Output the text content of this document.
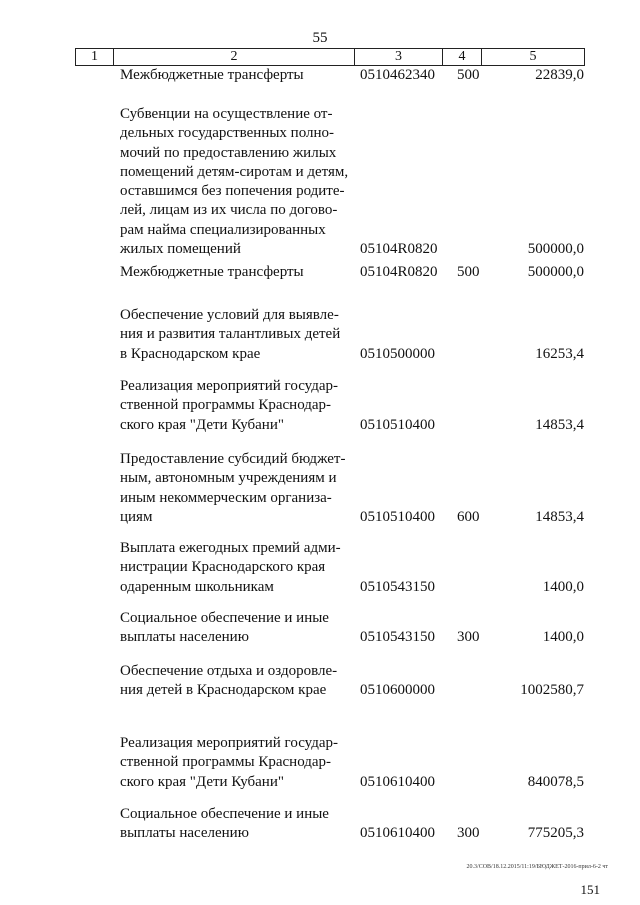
55
1	2	3	4	5
Межбюджетные трансферты	0510462340 500	22839,0
Субвенции на осуществление от-
дельных государственных полно-
мочий по предоставлению жилых
помещений детям-сиротам и детям,
оставшимся без попечения родите-
лей, лицам из их числа по догово-
рам найма специализированных
жилых помещений	05104R0820	500000,0
Межбюджетные трансферты	05104R0820 500	500000,0
Обеспечение условий для выявле-
ния и развития талантливых детей
в Краснодарском крае	0510500000	16253,4
Реализация мероприятий государ-
ственной программы Краснодар-
ского края "Дети Кубани"	0510510400	14853,4
Предоставление субсидий бюджет-
ным, автономным учреждениям и
иным некоммерческим организа-
циям	0510510400 600	14853,4
Выплата ежегодных премий адми-
нистрации Краснодарского края
одаренным школьникам	0510543150	1400,0
Социальное обеспечение и иные
выплаты населению	0510543150 300	1400,0
Обеспечение отдыха и оздоровле-
ния детей в Краснодарском крае	0510600000	1002580,7
Реализация мероприятий государ-
ственной программы Краснодар-
ского края "Дети Кубани"	0510610400	840078,5
Социальное обеспечение и иные
выплаты населению	0510610400 300	775205,3
20.3/СОВ/18.12.2015/11:19/БЮДЖЕТ-2016-прил-6-2 чт
151
